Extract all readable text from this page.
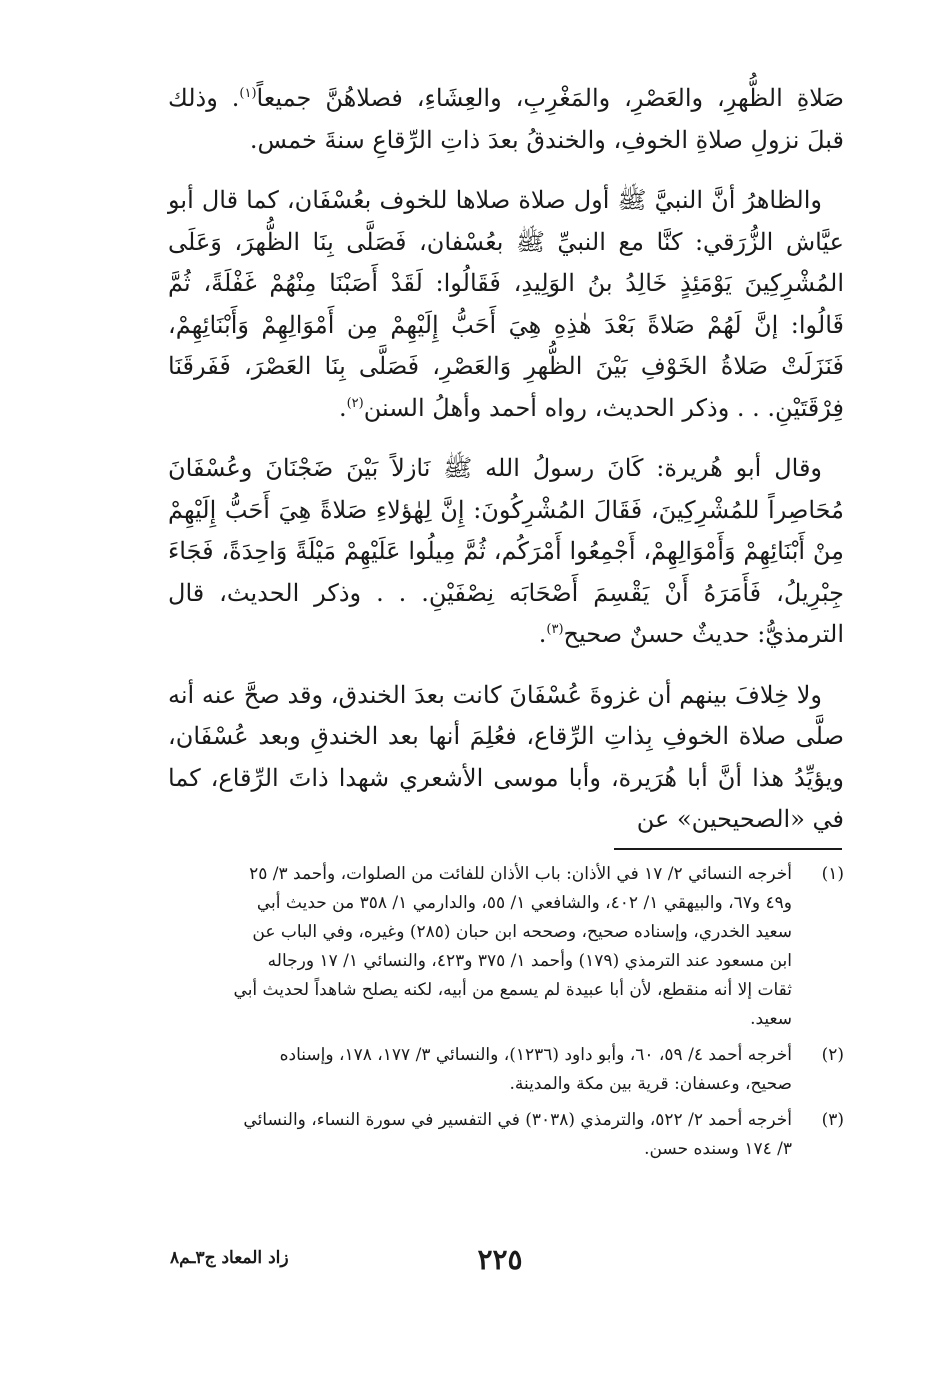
صَلاةِ الظُّهرِ، والعَصْرِ، والمَغْرِبِ، والعِشَاءِ، فصلاهُنَّ جميعاً$^{(١)}$. وذلك قبلَ نزولِ صلاةِ الخوفِ، والخندقُ بعدَ ذاتِ الرِّقاعِ سنةَ خمس.

والظاهرُ أنَّ النبيَّ ﷺ أول صلاة صلاها للخوف بعُسْفَان، كما قال أبو عيَّاش الزُّرَقي: كنَّا مع النبيِّ ﷺ بعُسْفان، فَصَلَّى بِنَا الظُّهرَ، وَعَلَى المُشْرِكِينَ يَوْمَئِذٍ خَالِدُ بنُ الوَلِيدِ، فَقَالُوا: لَقَدْ أَصَبْنَا مِنْهُمْ غَفْلَةً، ثُمَّ قَالُوا: إنَّ لَهُمْ صَلاةً بَعْدَ هٰذِهِ هِيَ أَحَبُّ إِلَيْهِمْ مِن أَمْوَالِهِمْ وَأَبْنَائِهِمْ، فَنَزَلَتْ صَلاةُ الخَوْفِ بَيْنَ الظُّهرِ وَالعَصْرِ، فَصَلَّى بِنَا العَصْرَ، فَفَرقَنَا فِرْقَتَيْنِ. . . وذكر الحديث، رواه أحمد وأهلُ السنن$^{(٢)}$.

وقال أبو هُريرة: كَانَ رسولُ الله ﷺ نَازلاً بَيْنَ ضَجْنَانَ وعُسْفَانَ مُحَاصِراً للمُشْرِكِينَ، فَقَالَ المُشْرِكُونَ: إِنَّ لِهٰؤلاءِ صَلاةً هِيَ أَحَبُّ إِلَيْهِمْ مِنْ أَبْنَائِهِمْ وَأَمْوَالِهِمْ، أَجْمِعُوا أَمْرَكُم، ثُمَّ مِيلُوا عَلَيْهِمْ مَيْلَةً وَاحِدَةً، فَجَاءَ جِبْرِيلُ، فَأَمَرَهُ أَنْ يَقْسِمَ أَصْحَابَه نِصْفَيْنِ. . . وذكر الحديث، قال الترمذيُّ: حديثٌ حسنٌ صحيح$^{(٣)}$.

ولا خِلافَ بينهم أن غزوةَ عُسْفَانَ كانت بعدَ الخندق، وقد صحَّ عنه أنه صلَّى صلاة الخوفِ بِذاتِ الرِّقاع، فعُلِمَ أنها بعد الخندقِ وبعد عُسْفَان، ويؤيِّدُ هذا أنَّ أبا هُرَيرة، وأبا موسى الأشعري شهدا ذاتَ الرِّقاع، كما في «الصحيحين» عن

(١)
أخرجه النسائي ٢/ ١٧ في الأذان: باب الأذان للفائت من الصلوات، وأحمد ٣/ ٢٥
و٤٩ و٦٧، والبيهقي ١/ ٤٠٢، والشافعي ١/ ٥٥، والدارمي ١/ ٣٥٨ من حديث أبي
سعيد الخدري، وإسناده صحيح، وصححه ابن حبان (٢٨٥) وغيره، وفي الباب عن
ابن مسعود عند الترمذي (١٧٩) وأحمد ١/ ٣٧٥ و٤٢٣، والنسائي ١/ ١٧ ورجاله
ثقات إلا أنه منقطع، لأن أبا عبيدة لم يسمع من أبيه، لكنه يصلح شاهداً لحديث أبي
سعيد.
(٢)
أخرجه أحمد ٤/ ٥٩، ٦٠، وأبو داود (١٢٣٦)، والنسائي ٣/ ١٧٧، ١٧٨، وإسناده
صحيح، وعسفان: قرية بين مكة والمدينة.
(٣)
أخرجه أحمد ٢/ ٥٢٢، والترمذي (٣٠٣٨) في التفسير في سورة النساء، والنسائي
٣/ ١٧٤ وسنده حسن.
٢٢٥
زاد المعاد ج٣ـم٨
